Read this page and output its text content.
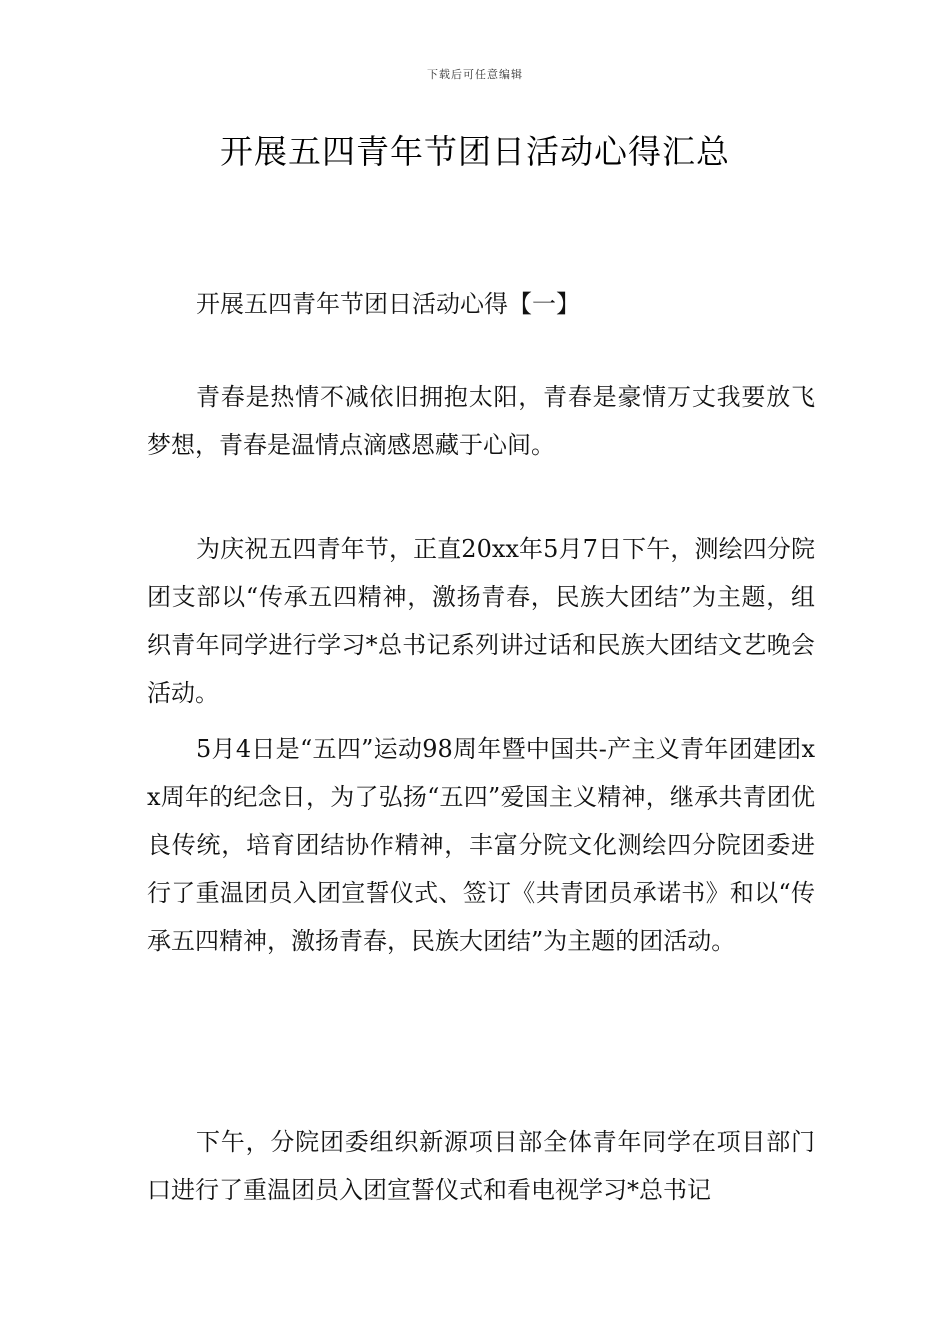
下载后可任意编辑
开展五四青年节团日活动心得汇总
开展五四青年节团日活动心得【一】

青春是热情不减依旧拥抱太阳，青春是豪情万丈我要放飞梦想，青春是温情点滴感恩藏于心间。

为庆祝五四青年节，正直20xx年5月7日下午，测绘四分院团支部以“传承五四精神，激扬青春，民族大团结”为主题，组织青年同学进行学习*总书记系列讲过话和民族大团结文艺晚会活动。

5月4日是“五四”运动98周年暨中国共-产主义青年团建团xx周年的纪念日，为了弘扬“五四”爱国主义精神，继承共青团优良传统，培育团结协作精神，丰富分院文化测绘四分院团委进行了重温团员入团宣誓仪式、签订《共青团员承诺书》和以“传承五四精神，激扬青春，民族大团结”为主题的团活动。

下午，分院团委组织新源项目部全体青年同学在项目部门口进行了重温团员入团宣誓仪式和看电视学习*总书记
